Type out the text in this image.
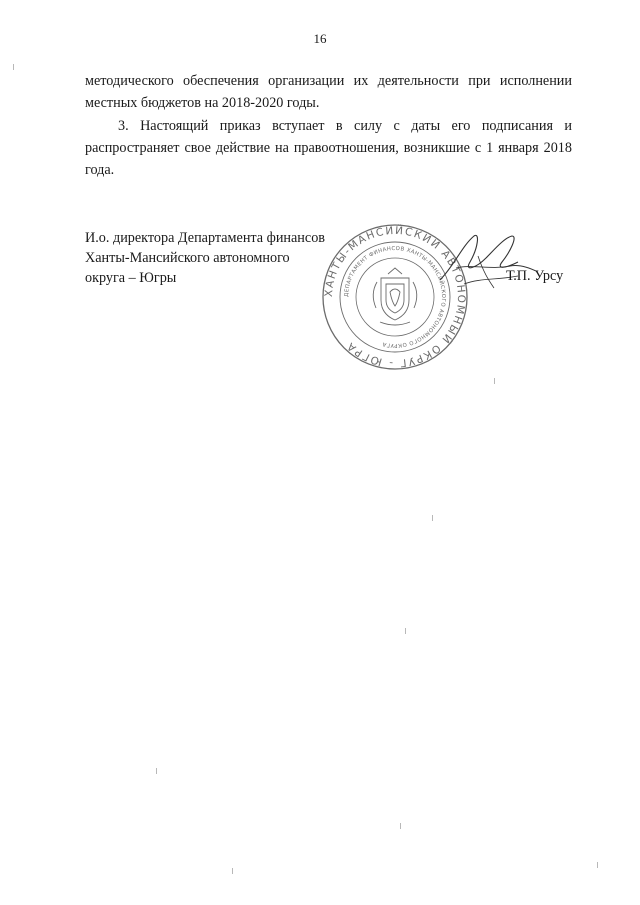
16

методического обеспечения организации их деятельности при исполнении местных бюджетов на 2018-2020 годы.

3. Настоящий приказ вступает в силу с даты его подписания и распространяет свое действие на правоотношения, возникшие с 1 января 2018 года.

И.о. директора Департамента финансов
Ханты-Мансийского автономного
округа – Югры
ХАНТЫ-МАНСИЙСКИЙ АВТОНОМНЫЙ ОКРУГ - ЮГРА
ДЕПАРТАМЕНТ ФИНАНСОВ ХАНТЫ-МАНСИЙСКОГО АВТОНОМНОГО ОКРУГА
Т.П. Урсу
